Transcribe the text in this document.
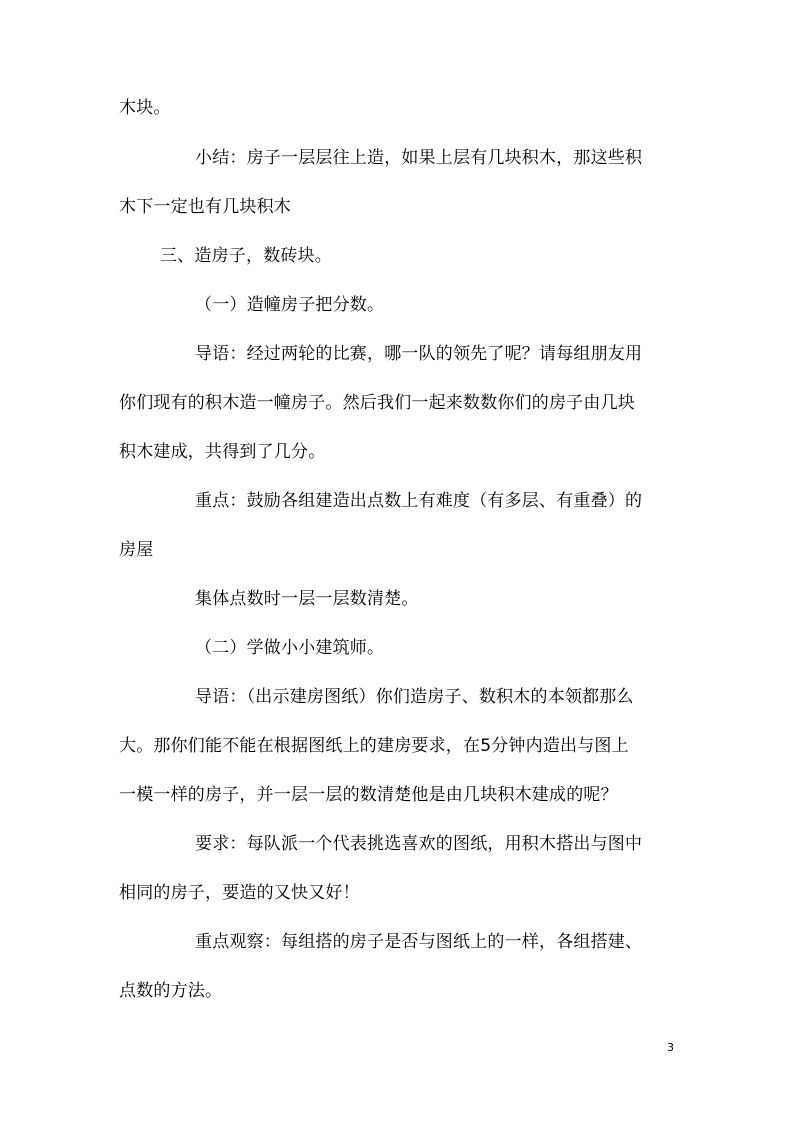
木块。
小结：房子一层层往上造，如果上层有几块积木，那这些积
木下一定也有几块积木
三、造房子，数砖块。
（一）造幢房子把分数。
导语：经过两轮的比赛，哪一队的领先了呢？请每组朋友用
你们现有的积木造一幢房子。然后我们一起来数数你们的房子由几块
积木建成，共得到了几分。
重点：鼓励各组建造出点数上有难度（有多层、有重叠）的
房屋
集体点数时一层一层数清楚。
（二）学做小小建筑师。
导语：（出示建房图纸）你们造房子、数积木的本领都那么
大。那你们能不能在根据图纸上的建房要求，在5分钟内造出与图上
一模一样的房子，并一层一层的数清楚他是由几块积木建成的呢？
要求：每队派一个代表挑选喜欢的图纸，用积木搭出与图中
相同的房子，要造的又快又好！
重点观察：每组搭的房子是否与图纸上的一样，各组搭建、
点数的方法。
3
